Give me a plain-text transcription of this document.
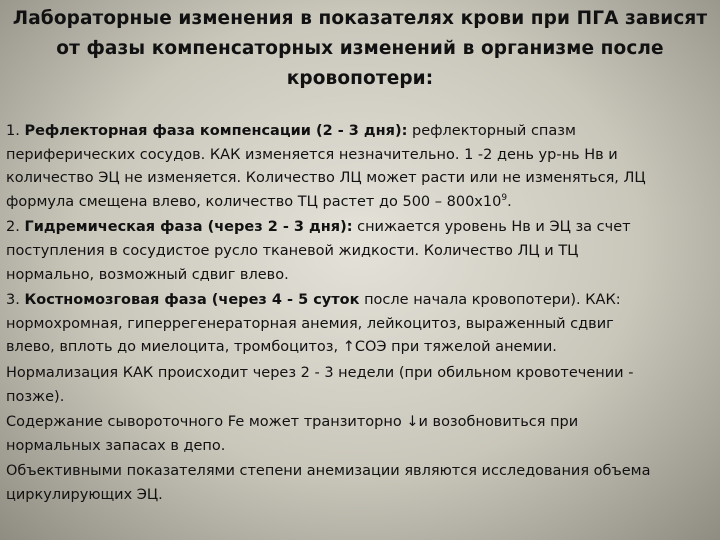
Лабораторные изменения в показателях крови при ПГА зависят
от фазы компенсаторных изменений в организме после
кровопотери:
1. Рефлекторная фаза компенсации (2 - 3 дня): рефлекторный спазм
периферических сосудов. КАК изменяется незначительно. 1 -2 день ур-нь Нв и
количество ЭЦ не изменяется. Количество ЛЦ может расти или не изменяться, ЛЦ
формула смещена влево, количество ТЦ растет до $500 - 800х10^9$.
2. Гидремическая фаза (через 2 - 3 дня): снижается уровень Нв и ЭЦ за счет
поступления в сосудистое русло тканевой жидкости. Количество ЛЦ и ТЦ
нормально, возможный сдвиг влево.
3. Костномозговая фаза (через 4 - 5 суток после начала кровопотери). КАК:
нормохромная, гиперрегенераторная анемия, лейкоцитоз, выраженный сдвиг
влево, вплоть до миелоцита, тромбоцитоз, ↑СОЭ при тяжелой анемии.
Нормализация КАК происходит через 2 - 3 недели (при обильном кровотечении -
позже).
Содержание сывороточного Fe может транзиторно ↓и возобновиться при
нормальных запасах в депо.
Объективными показателями степени анемизации являются исследования объема
циркулирующих ЭЦ.
